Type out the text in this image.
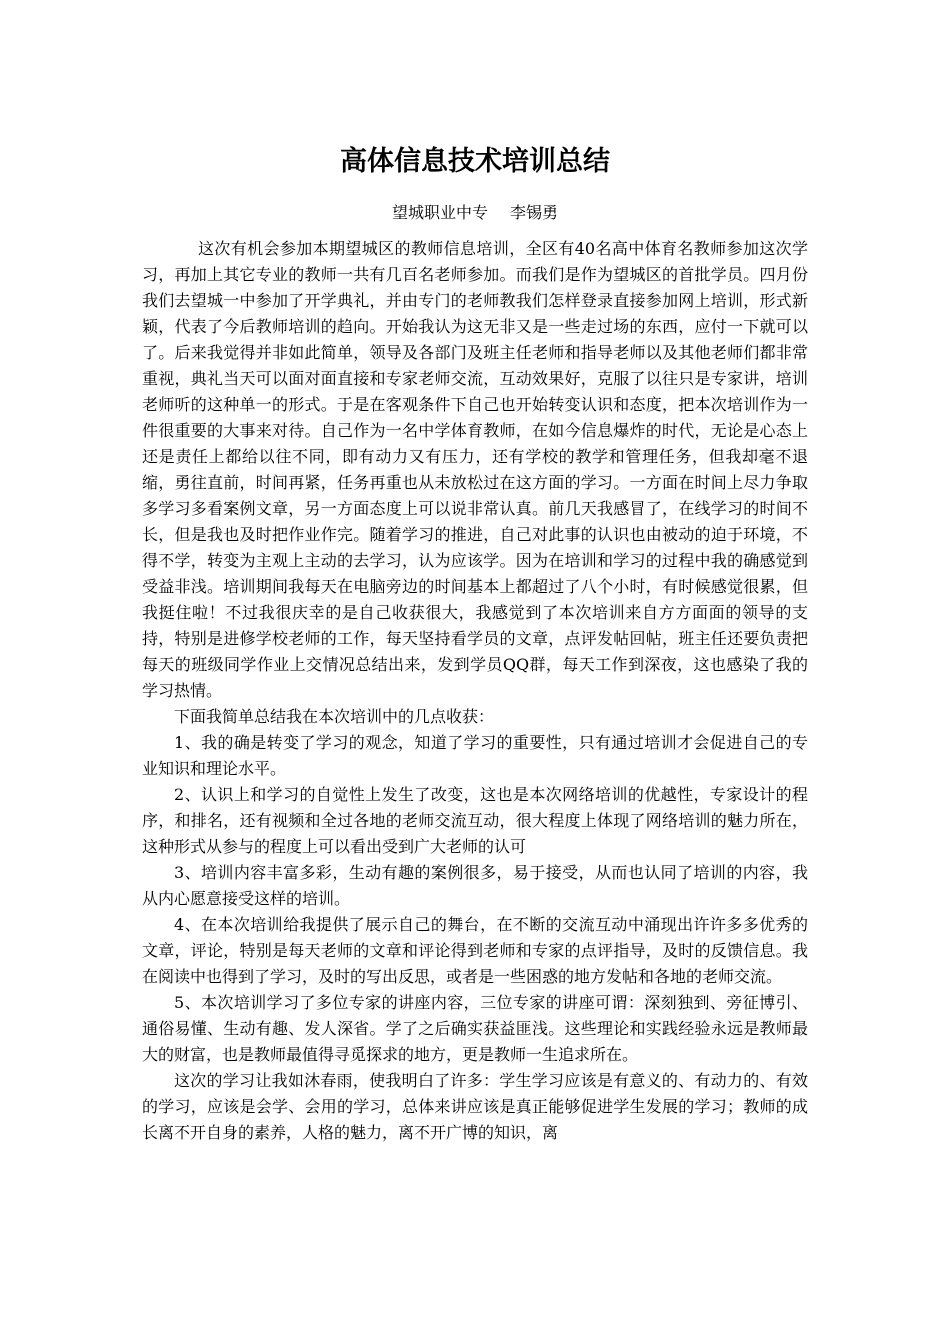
高体信息技术培训总结
望城职业中专 李锡勇

这次有机会参加本期望城区的教师信息培训，全区有40名高中体育名教师参加这次学习，再加上其它专业的教师一共有几百名老师参加。而我们是作为望城区的首批学员。四月份我们去望城一中参加了开学典礼，并由专门的老师教我们怎样登录直接参加网上培训，形式新颖，代表了今后教师培训的趋向。开始我认为这无非又是一些走过场的东西，应付一下就可以了。后来我觉得并非如此简单，领导及各部门及班主任老师和指导老师以及其他老师们都非常重视，典礼当天可以面对面直接和专家老师交流，互动效果好，克服了以往只是专家讲，培训老师听的这种单一的形式。于是在客观条件下自己也开始转变认识和态度，把本次培训作为一件很重要的大事来对待。自己作为一名中学体育教师，在如今信息爆炸的时代，无论是心态上还是责任上都给以往不同，即有动力又有压力，还有学校的教学和管理任务，但我却毫不退缩，勇往直前，时间再紧，任务再重也从未放松过在这方面的学习。一方面在时间上尽力争取多学习多看案例文章，另一方面态度上可以说非常认真。前几天我感冒了，在线学习的时间不长，但是我也及时把作业作完。随着学习的推进，自己对此事的认识也由被动的迫于环境，不得不学，转变为主观上主动的去学习，认为应该学。因为在培训和学习的过程中我的确感觉到受益非浅。培训期间我每天在电脑旁边的时间基本上都超过了八个小时，有时候感觉很累，但我挺住啦！不过我很庆幸的是自己收获很大，我感觉到了本次培训来自方方面面的领导的支持，特别是进修学校老师的工作，每天坚持看学员的文章，点评发帖回帖，班主任还要负责把每天的班级同学作业上交情况总结出来，发到学员QQ群，每天工作到深夜，这也感染了我的学习热情。

下面我简单总结我在本次培训中的几点收获：

1、我的确是转变了学习的观念，知道了学习的重要性，只有通过培训才会促进自己的专业知识和理论水平。

2、认识上和学习的自觉性上发生了改变，这也是本次网络培训的优越性，专家设计的程序，和排名，还有视频和全过各地的老师交流互动，很大程度上体现了网络培训的魅力所在，这种形式从参与的程度上可以看出受到广大老师的认可

3、培训内容丰富多彩，生动有趣的案例很多，易于接受，从而也认同了培训的内容，我从内心愿意接受这样的培训。

4、在本次培训给我提供了展示自己的舞台，在不断的交流互动中涌现出许许多多优秀的文章，评论，特别是每天老师的文章和评论得到老师和专家的点评指导，及时的反馈信息。我在阅读中也得到了学习，及时的写出反思，或者是一些困惑的地方发帖和各地的老师交流。

5、本次培训学习了多位专家的讲座内容，三位专家的讲座可谓：深刻独到、旁征博引、通俗易懂、生动有趣、发人深省。学了之后确实获益匪浅。这些理论和实践经验永远是教师最大的财富，也是教师最值得寻觅探求的地方，更是教师一生追求所在。

这次的学习让我如沐春雨，使我明白了许多：学生学习应该是有意义的、有动力的、有效的学习，应该是会学、会用的学习，总体来讲应该是真正能够促进学生发展的学习；教师的成长离不开自身的素养，人格的魅力，离不开广博的知识，离
